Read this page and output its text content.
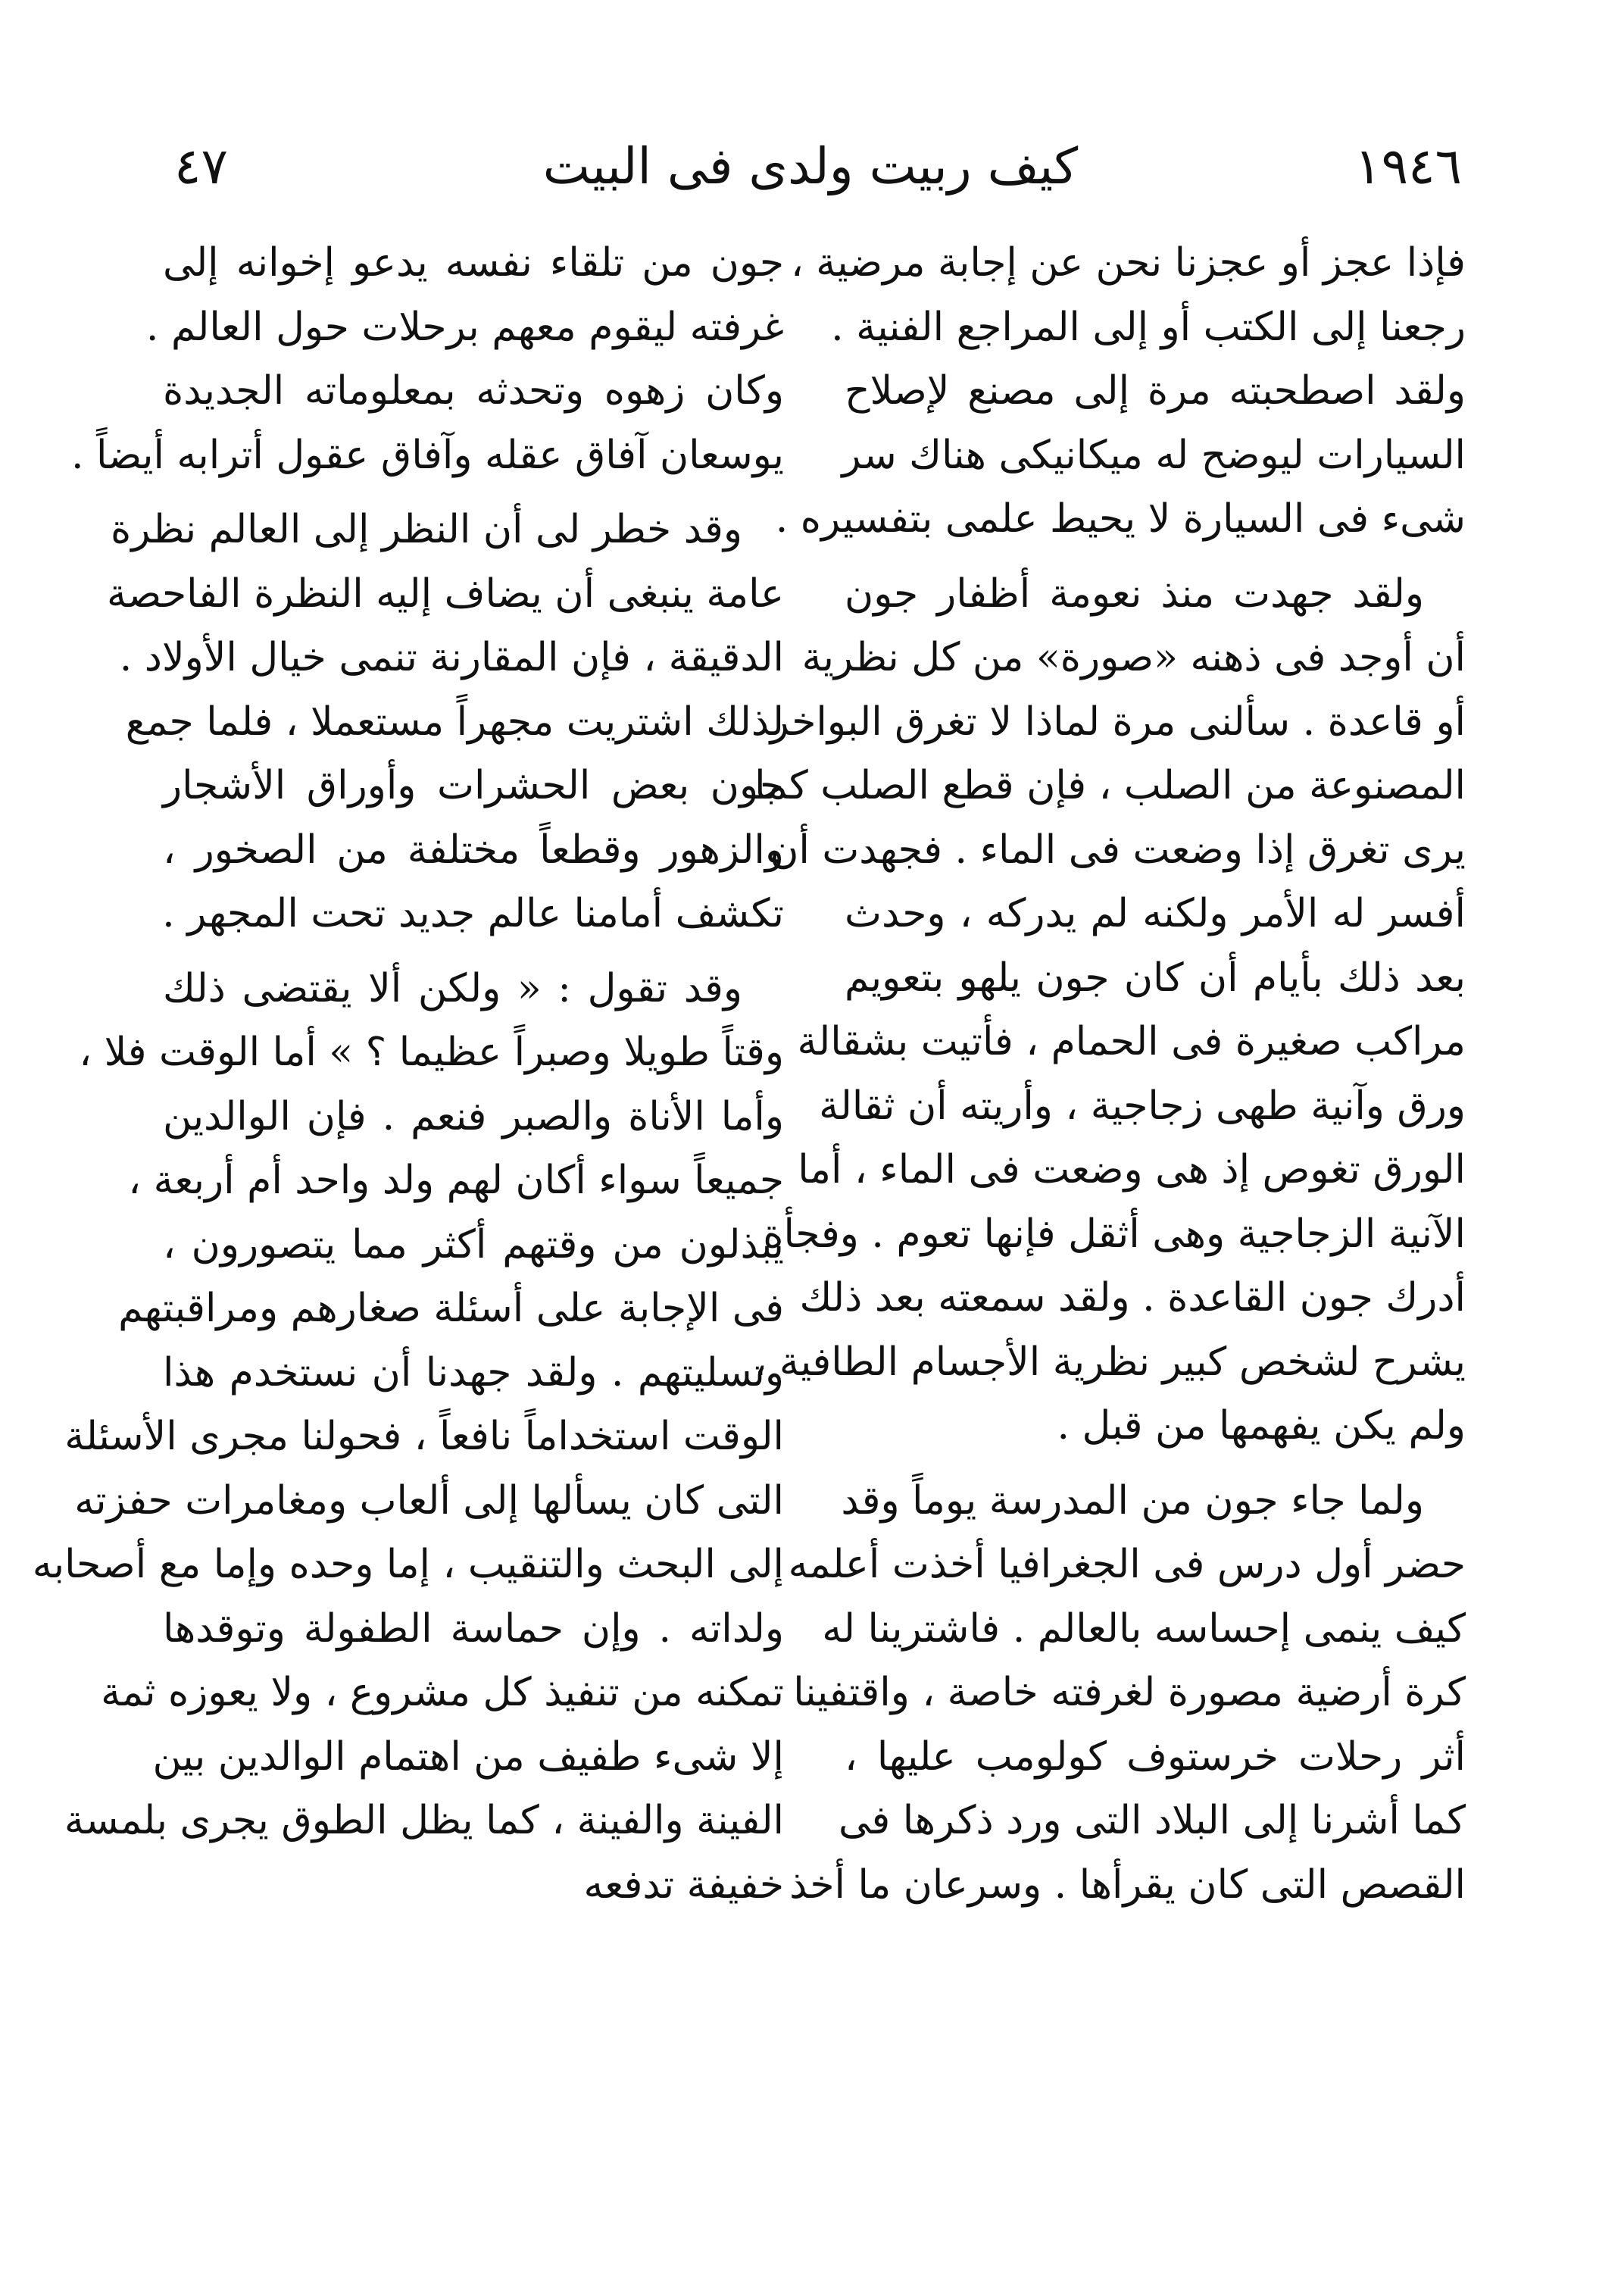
١٩٤٦
كيف ربيت ولدى فى البيت
٤٧
فإذا عجز أو عجزنا نحن عن إجابة مرضية ،
رجعنا إلى الكتب أو إلى المراجع الفنية .
ولقد اصطحبته مرة إلى مصنع لإصلاح
السيارات ليوضح له ميكانيكى هناك سر
شىء فى السيارة لا يحيط علمى بتفسيره .
ولقد جهدت منذ نعومة أظفار جون
أن أوجد فى ذهنه «صورة» من كل نظرية
أو قاعدة . سألنى مرة لماذا لا تغرق البواخر
المصنوعة من الصلب ، فإن قطع الصلب كما
يرى تغرق إذا وضعت فى الماء . فجهدت أن
أفسر له الأمر ولكنه لم يدركه ، وحدث
بعد ذلك بأيام أن كان جون يلهو بتعويم
مراكب صغيرة فى الحمام ، فأتيت بشقالة
ورق وآنية طهى زجاجية ، وأريته أن ثقالة
الورق تغوص إذ هى وضعت فى الماء ، أما
الآنية الزجاجية وهى أثقل فإنها تعوم . وفجأة
أدرك جون القاعدة . ولقد سمعته بعد ذلك
يشرح لشخص كبير نظرية الأجسام الطافية ،
ولم يكن يفهمها من قبل .
ولما جاء جون من المدرسة يوماً وقد
حضر أول درس فى الجغرافيا أخذت أعلمه
كيف ينمى إحساسه بالعالم . فاشترينا له
كرة أرضية مصورة لغرفته خاصة ، واقتفينا
أثر رحلات خرستوف كولومب عليها ،
كما أشرنا إلى البلاد التى ورد ذكرها فى
القصص التى كان يقرأها . وسرعان ما أخذ
جون من تلقاء نفسه يدعو إخوانه إلى
غرفته ليقوم معهم برحلات حول العالم .
وكان زهوه وتحدثه بمعلوماته الجديدة
يوسعان آفاق عقله وآفاق عقول أترابه أيضاً .
وقد خطر لى أن النظر إلى العالم نظرة
عامة ينبغى أن يضاف إليه النظرة الفاحصة
الدقيقة ، فإن المقارنة تنمى خيال الأولاد .
لذلك اشتريت مجهراً مستعملا ، فلما جمع
جون بعض الحشرات وأوراق الأشجار
والزهور وقطعاً مختلفة من الصخور ،
تكشف أمامنا عالم جديد تحت المجهر .
وقد تقول : « ولكن ألا يقتضى ذلك
وقتاً طويلا وصبراً عظيما ؟ » أما الوقت فلا ،
وأما الأناة والصبر فنعم . فإن الوالدين
جميعاً سواء أكان لهم ولد واحد أم أربعة ،
يبذلون من وقتهم أكثر مما يتصورون ،
فى الإجابة على أسئلة صغارهم ومراقبتهم
وتسليتهم . ولقد جهدنا أن نستخدم هذا
الوقت استخداماً نافعاً ، فحولنا مجرى الأسئلة
التى كان يسألها إلى ألعاب ومغامرات حفزته
إلى البحث والتنقيب ، إما وحده وإما مع أصحابه
ولداته . وإن حماسة الطفولة وتوقدها
تمكنه من تنفيذ كل مشروع ، ولا يعوزه ثمة
إلا شىء طفيف من اهتمام الوالدين بين
الفينة والفينة ، كما يظل الطوق يجرى بلمسة
خفيفة تدفعه
